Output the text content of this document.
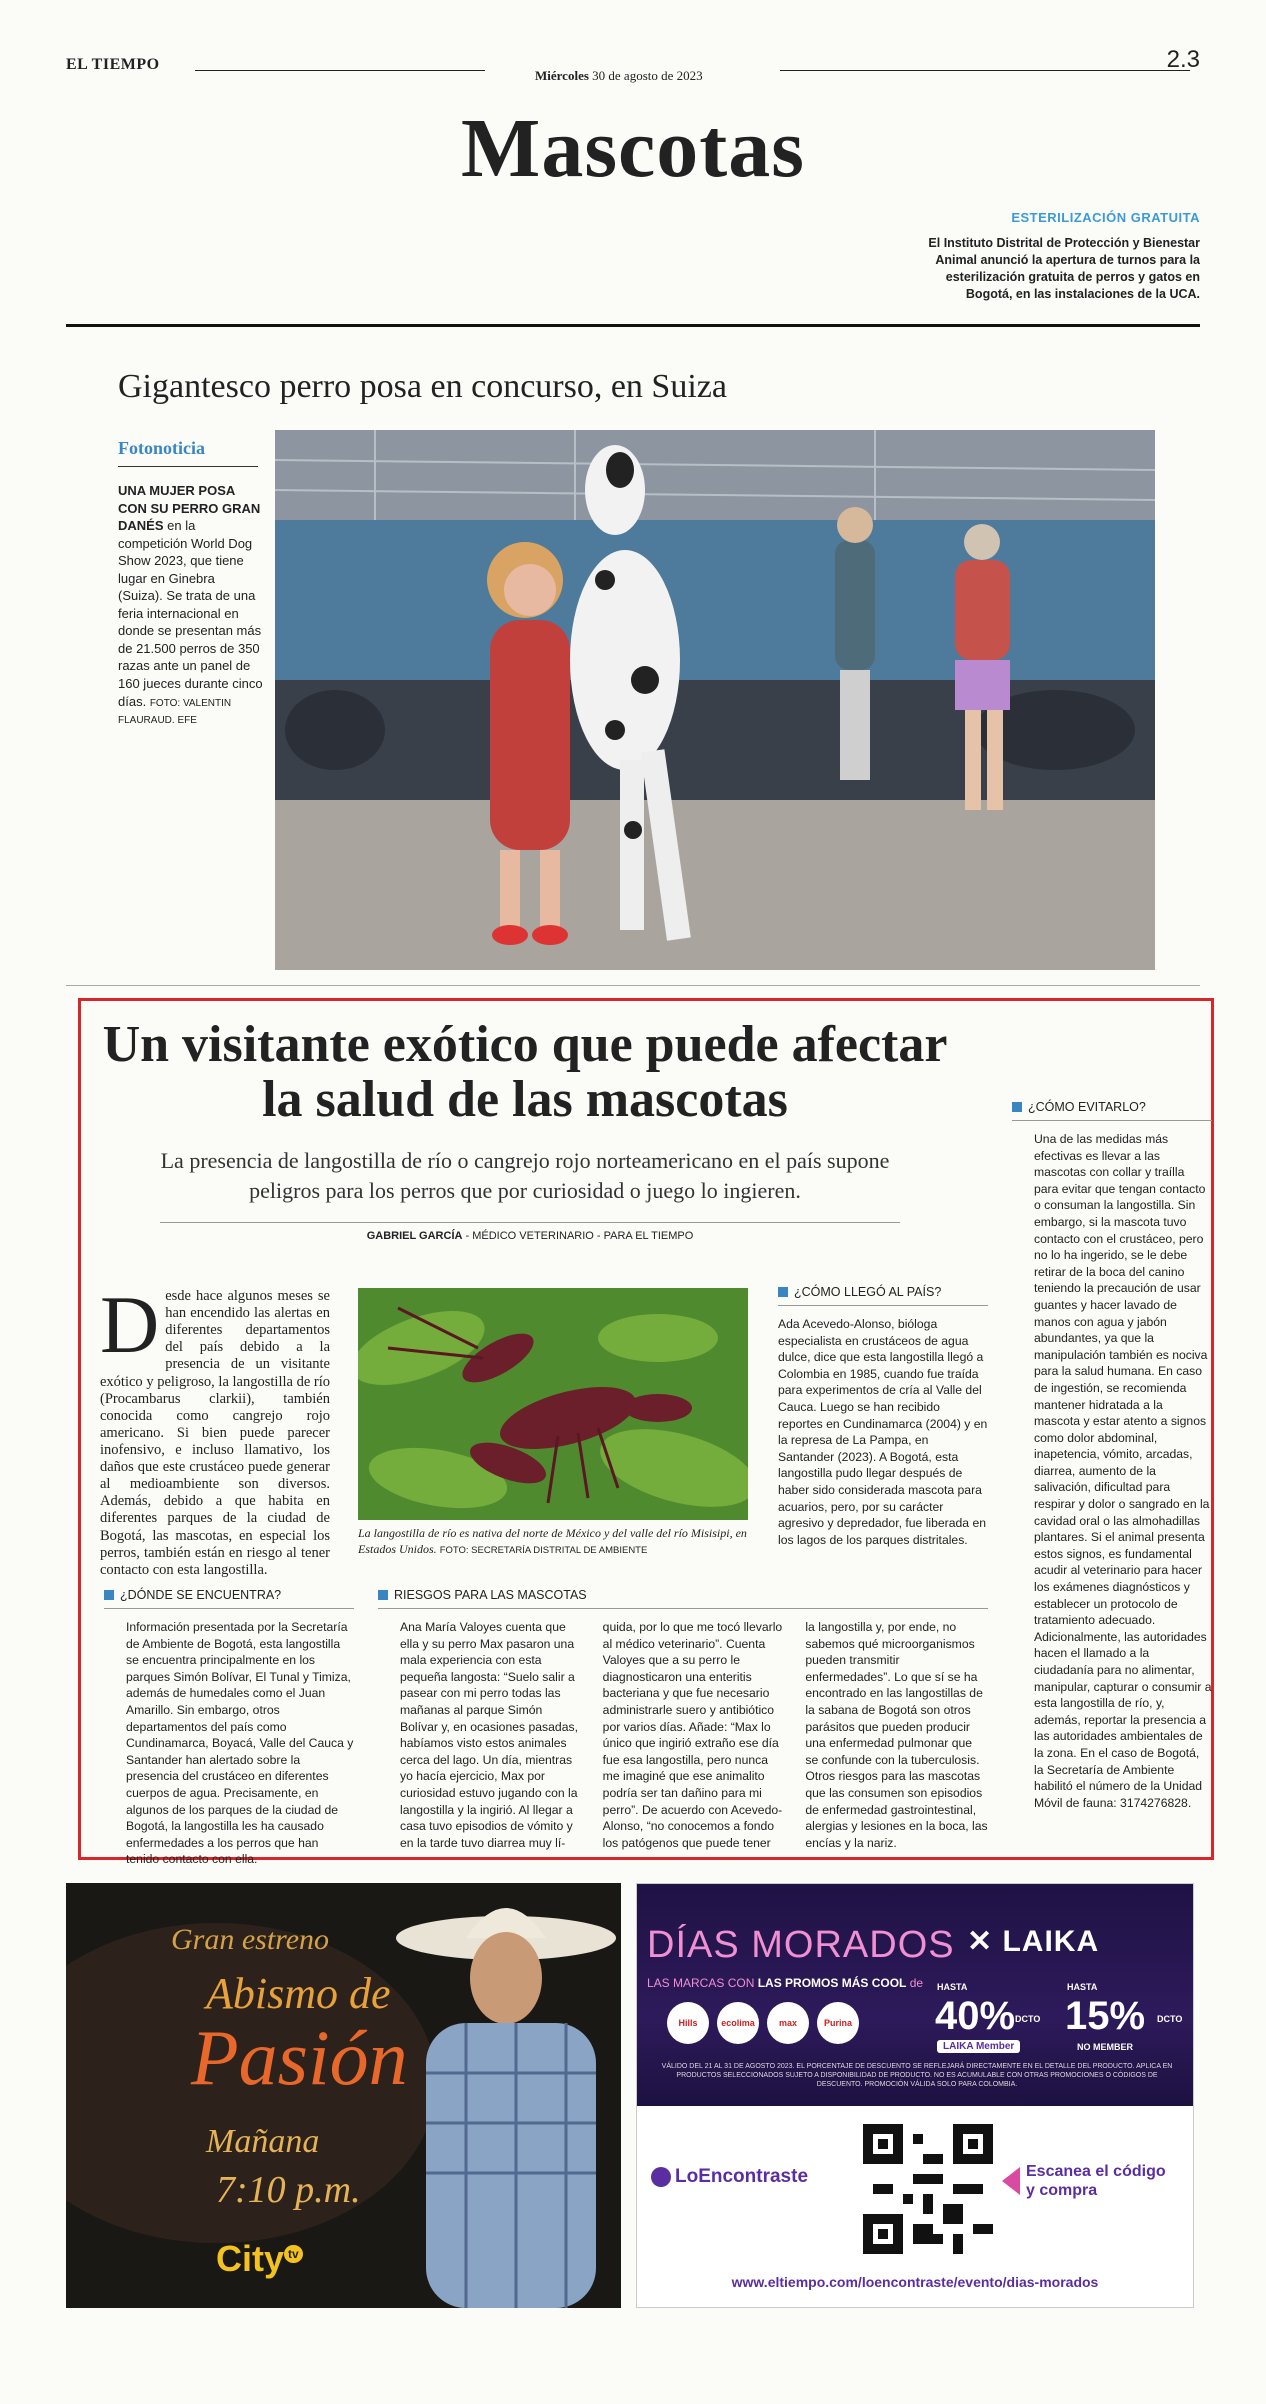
EL TIEMPO
Miércoles 30 de agosto de 2023
2.3
Mascotas
ESTERILIZACIÓN GRATUITA
El Instituto Distrital de Protección y Bienestar Animal anunció la apertura de turnos para la esterilización gratuita de perros y gatos en Bogotá, en las instalaciones de la UCA.
Gigantesco perro posa en concurso, en Suiza
Fotonoticia
UNA MUJER POSA CON SU PERRO GRAN DANÉS en la competición World Dog Show 2023, que tiene lugar en Ginebra (Suiza). Se trata de una feria internacional en donde se presentan más de 21.500 perros de 350 razas ante un panel de 160 jueces durante cinco días. FOTO: VALENTIN FLAURAUD. EFE
Un visitante exótico que puede afectar la salud de las mascotas
La presencia de langostilla de río o cangrejo rojo norteamericano en el país supone peligros para los perros que por curiosidad o juego lo ingieren.
GABRIEL GARCÍA - MÉDICO VETERINARIO - PARA EL TIEMPO
Desde hace algunos meses se han encendido las alertas en diferentes departamentos del país debido a la presencia de un visitante exótico y peligroso, la langostilla de río (Procambarus clarkii), también conocida como cangrejo rojo americano. Si bien puede parecer inofensivo, e incluso llamativo, los daños que este crustáceo puede generar al medioambiente son diversos. Además, debido a que habita en diferentes parques de la ciudad de Bogotá, las mascotas, en especial los perros, también están en riesgo al tener contacto con esta langostilla.
La langostilla de río es nativa del norte de México y del valle del río Misisipi, en Estados Unidos. FOTO: SECRETARÍA DISTRITAL DE AMBIENTE
¿CÓMO LLEGÓ AL PAÍS?
Ada Acevedo-Alonso, bióloga especialista en crustáceos de agua dulce, dice que esta langostilla llegó a Colombia en 1985, cuando fue traída para experimentos de cría al Valle del Cauca. Luego se han recibido reportes en Cundinamarca (2004) y en la represa de La Pampa, en Santander (2023). A Bogotá, esta langostilla pudo llegar después de haber sido considerada mascota para acuarios, pero, por su carácter agresivo y depredador, fue liberada en los lagos de los parques distritales.
¿CÓMO EVITARLO?
Una de las medidas más efectivas es llevar a las mascotas con collar y traílla para evitar que tengan contacto o consuman la langostilla. Sin embargo, si la mascota tuvo contacto con el crustáceo, pero no lo ha ingerido, se le debe retirar de la boca del canino teniendo la precaución de usar guantes y hacer lavado de manos con agua y jabón abundantes, ya que la manipulación también es nociva para la salud humana. En caso de ingestión, se recomienda mantener hidratada a la mascota y estar atento a signos como dolor abdominal, inapetencia, vómito, arcadas, diarrea, aumento de la salivación, dificultad para respirar y dolor o sangrado en la cavidad oral o las almohadillas plantares. Si el animal presenta estos signos, es fundamental acudir al veterinario para hacer los exámenes diagnósticos y establecer un protocolo de tratamiento adecuado. Adicionalmente, las autoridades hacen el llamado a la ciudadanía para no alimentar, manipular, capturar o consumir a esta langostilla de río, y, además, reportar la presencia a las autoridades ambientales de la zona. En el caso de Bogotá, la Secretaría de Ambiente habilitó el número de la Unidad Móvil de fauna: 3174276828.
¿DÓNDE SE ENCUENTRA?
Información presentada por la Secretaría de Ambiente de Bogotá, esta langostilla se encuentra principalmente en los parques Simón Bolívar, El Tunal y Timiza, además de humedales como el Juan Amarillo. Sin embargo, otros departamentos del país como Cundinamarca, Boyacá, Valle del Cauca y Santander han alertado sobre la presencia del crustáceo en diferentes cuerpos de agua. Precisamente, en algunos de los parques de la ciudad de Bogotá, la langostilla les ha causado enfermedades a los perros que han tenido contacto con ella.
RIESGOS PARA LAS MASCOTAS
Ana María Valoyes cuenta que ella y su perro Max pasaron una mala experiencia con esta pequeña langosta: “Suelo salir a pasear con mi perro todas las mañanas al parque Simón Bolívar y, en ocasiones pasadas, habíamos visto estos animales cerca del lago. Un día, mientras yo hacía ejercicio, Max por curiosidad estuvo jugando con la langostilla y la ingirió. Al llegar a casa tuvo episodios de vómito y en la tarde tuvo diarrea muy lí-
quida, por lo que me tocó llevarlo al médico veterinario”. Cuenta Valoyes que a su perro le diagnosticaron una enteritis bacteriana y que fue necesario administrarle suero y antibiótico por varios días. Añade: “Max lo único que ingirió extraño ese día fue esa langostilla, pero nunca me imaginé que ese animalito podría ser tan dañino para mi perro”. De acuerdo con Acevedo-Alonso, “no conocemos a fondo los patógenos que puede tener
la langostilla y, por ende, no sabemos qué microorganismos pueden transmitir enfermedades”. Lo que sí se ha encontrado en las langostillas de la sabana de Bogotá son otros parásitos que pueden producir una enfermedad pulmonar que se confunde con la tuberculosis. Otros riesgos para las mascotas que las consumen son episodios de enfermedad gastrointestinal, alergias y lesiones en la boca, las encías y la nariz.
Gran estreno
Abismo de
Pasión
Mañana
7:10 p.m.
City $^{tv}$
DÍAS MORADOS ✕ LAIKA
LAS MARCAS CON LAS PROMOS MÁS COOL de
Hills	ecolima	max	Purina
HASTA
40% DCTO
LAIKA Member
HASTA
15% DCTO
NO MEMBER
VÁLIDO DEL 21 AL 31 DE AGOSTO 2023. EL PORCENTAJE DE DESCUENTO SE REFLEJARÁ DIRECTAMENTE EN EL DETALLE DEL PRODUCTO. APLICA EN PRODUCTOS SELECCIONADOS SUJETO A DISPONIBILIDAD DE PRODUCTO. NO ES ACUMULABLE CON OTRAS PROMOCIONES O CÓDIGOS DE DESCUENTO. PROMOCIÓN VÁLIDA SOLO PARA COLOMBIA.
LoEncontraste	Escanea el código y compra
www.eltiempo.com/loencontraste/evento/dias-morados
